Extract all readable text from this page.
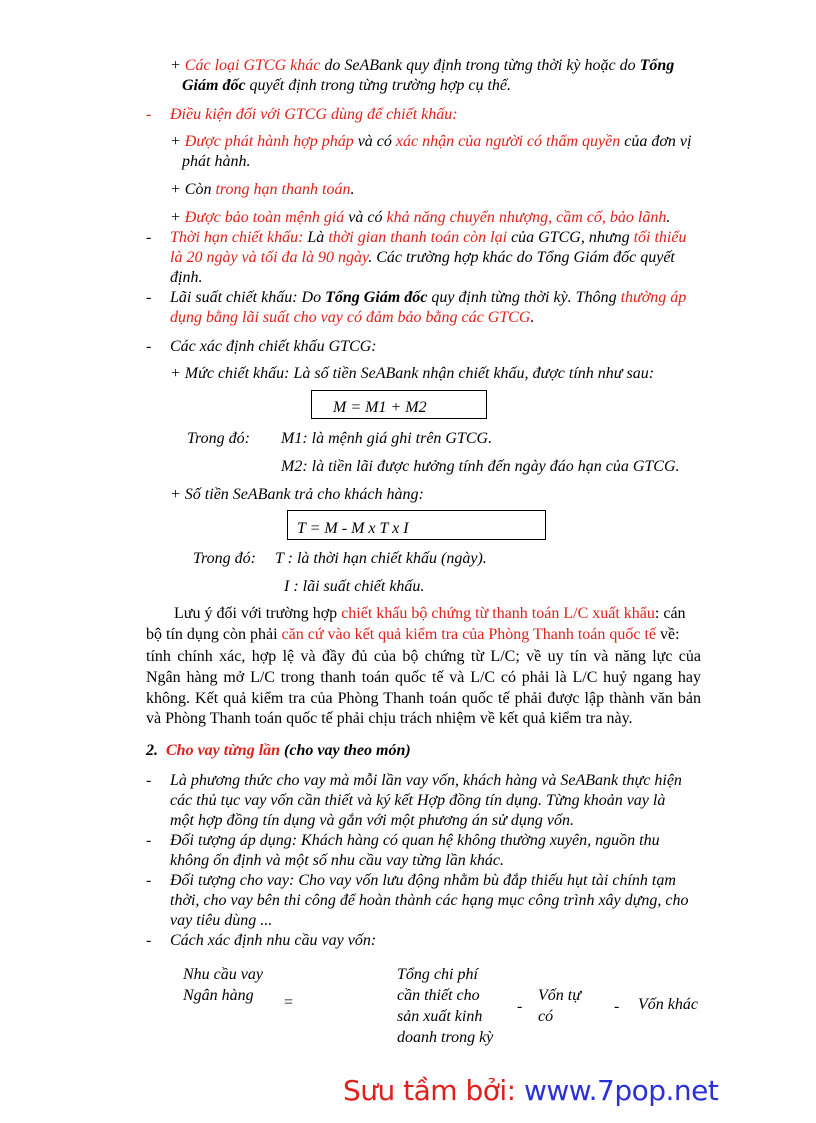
+ Các loại GTCG khác do SeABank quy định trong từng thời kỳ hoặc do Tổng
Giám đốc quyết định trong từng trường hợp cụ thể.
- Điều kiện đối với GTCG dùng để chiết khấu:
+ Được phát hành hợp pháp và có xác nhận của người có thẩm quyền của đơn vị
phát hành.
+ Còn trong hạn thanh toán.
+ Được bảo toàn mệnh giá và có khả năng chuyển nhượng, cầm cố, bảo lãnh.
- Thời hạn chiết khấu: Là thời gian thanh toán còn lại của GTCG, nhưng tối thiểu
là 20 ngày và tối đa là 90 ngày. Các trường hợp khác do Tổng Giám đốc quyết
định.
- Lãi suất chiết khấu: Do Tổng Giám đốc quy định từng thời kỳ. Thông thường áp
dụng bằng lãi suất cho vay có đảm bảo bằng các GTCG.
- Các xác định chiết khấu GTCG:
+ Mức chiết khấu: Là số tiền SeABank nhận chiết khấu, được tính như sau:
M = M1 + M2
Trong đó: M1: là mệnh giá ghi trên GTCG.
M2: là tiền lãi được hưởng tính đến ngày đáo hạn của GTCG.
+ Số tiền SeABank trả cho khách hàng:
T = M - M x T x I
Trong đó: T : là thời hạn chiết khấu (ngày).
I : lãi suất chiết khấu.
Lưu ý đối với trường hợp chiết khấu bộ chứng từ thanh toán L/C xuất khẩu: cán
bộ tín dụng còn phải căn cứ vào kết quả kiểm tra của Phòng Thanh toán quốc tế về:
tính chính xác, hợp lệ và đầy đủ của bộ chứng từ L/C; về uy tín và năng lực của
Ngân hàng mở L/C trong thanh toán quốc tế và L/C có phải là L/C huỷ ngang hay
không. Kết quả kiểm tra của Phòng Thanh toán quốc tế phải được lập thành văn bản
và Phòng Thanh toán quốc tế phải chịu trách nhiệm về kết quả kiểm tra này.
2. Cho vay từng lần (cho vay theo món)
- Là phương thức cho vay mà mỗi lần vay vốn, khách hàng và SeABank thực hiện
các thủ tục vay vốn cần thiết và ký kết Hợp đồng tín dụng. Từng khoản vay là
một hợp đồng tín dụng và gắn với một phương án sử dụng vốn.
- Đối tượng áp dụng: Khách hàng có quan hệ không thường xuyên, nguồn thu
không ổn định và một số nhu cầu vay từng lần khác.
- Đối tượng cho vay: Cho vay vốn lưu động nhằm bù đắp thiếu hụt tài chính tạm
thời, cho vay bên thi công để hoàn thành các hạng mục công trình xây dựng, cho
vay tiêu dùng ...
- Cách xác định nhu cầu vay vốn:
Nhu cầu vay
Ngân hàng =
Tổng chi phí
cần thiết cho
sản xuất kinh
doanh trong kỳ
-
Vốn tự
có
- Vốn khác
Sưu tầm bởi: www.7pop.net
